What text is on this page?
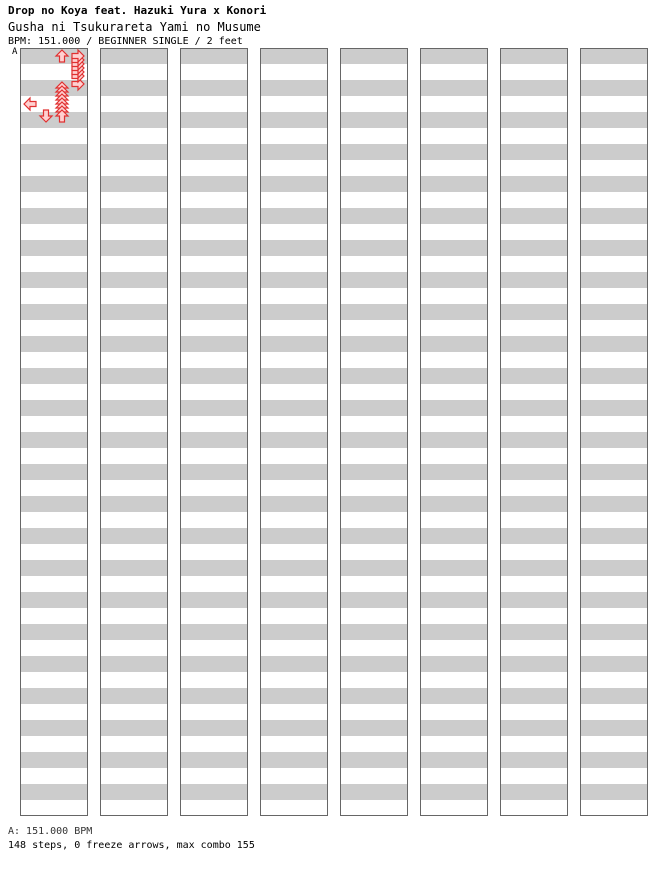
Drop no Koya feat. Hazuki Yura x Konori
Gusha ni Tsukurareta Yami no Musume
BPM: 151.000 / BEGINNER SINGLE / 2 feet
A
A: 151.000 BPM
148 steps, 0 freeze arrows, max combo 155
